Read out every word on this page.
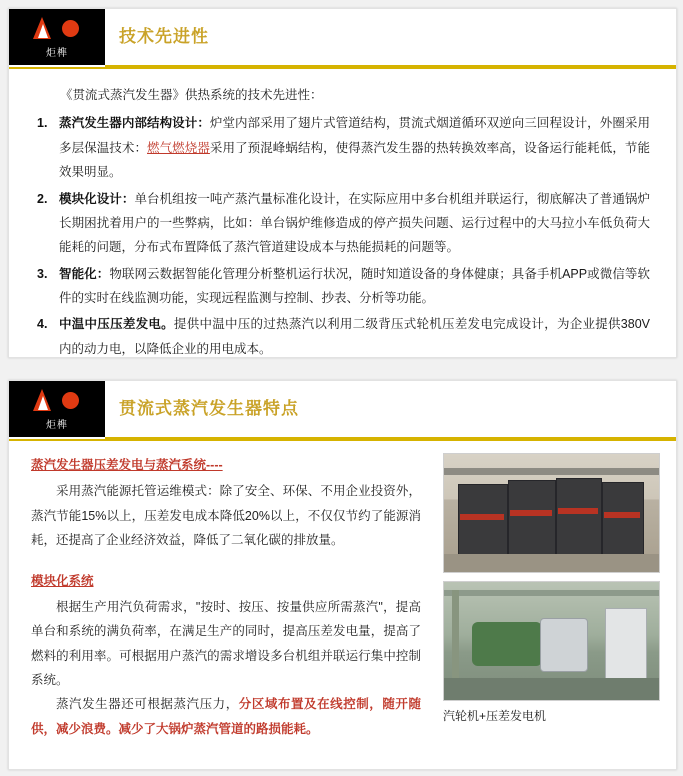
炬榫
技术先进性

《贯流式蒸汽发生器》供热系统的技术先进性：

蒸汽发生器内部结构设计：炉堂内部采用了翅片式管道结构，贯流式烟道循环双逆向三回程设计，外圈采用多层保温技术：燃气燃烧器采用了预混峰蜗结构，使得蒸汽发生器的热转换效率高，设备运行能耗低，节能效果明显。
模块化设计：单台机组按一吨产蒸汽量标准化设计，在实际应用中多台机组并联运行，彻底解决了普通锅炉长期困扰着用户的一些弊病，比如：单台锅炉维修造成的停产损失问题、运行过程中的大马拉小车低负荷大能耗的问题，分布式布置降低了蒸汽管道建设成本与热能损耗的问题等。
智能化：物联网云数据智能化管理分析整机运行状况，随时知道设备的身体健康；具备手机APP或微信等软件的实时在线监测功能，实现远程监测与控制、抄表、分析等功能。
中温中压压差发电。提供中温中压的过热蒸汽以利用二级背压式轮机压差发电完成设计，为企业提供380V内的动力电，以降低企业的用电成本。
炬榫
贯流式蒸汽发生器特点

蒸汽发生器压差发电与蒸汽系统----

采用蒸汽能源托管运维模式：除了安全、环保、不用企业投资外，蒸汽节能15%以上，压差发电成本降低20%以上，不仅仅节约了能源消耗，还提高了企业经济效益，降低了二氧化碳的排放量。

模块化系统

根据生产用汽负荷需求，"按时、按压、按量供应所需蒸汽"，提高单台和系统的满负荷率，在满足生产的同时，提高压差发电量，提高了燃料的利用率。可根据用户蒸汽的需求增设多台机组并联运行集中控制系统。

蒸汽发生器还可根据蒸汽压力，分区域布置及在线控制，随开随供，减少浪费。减少了大锅炉蒸汽管道的路损能耗。

汽轮机+压差发电机
